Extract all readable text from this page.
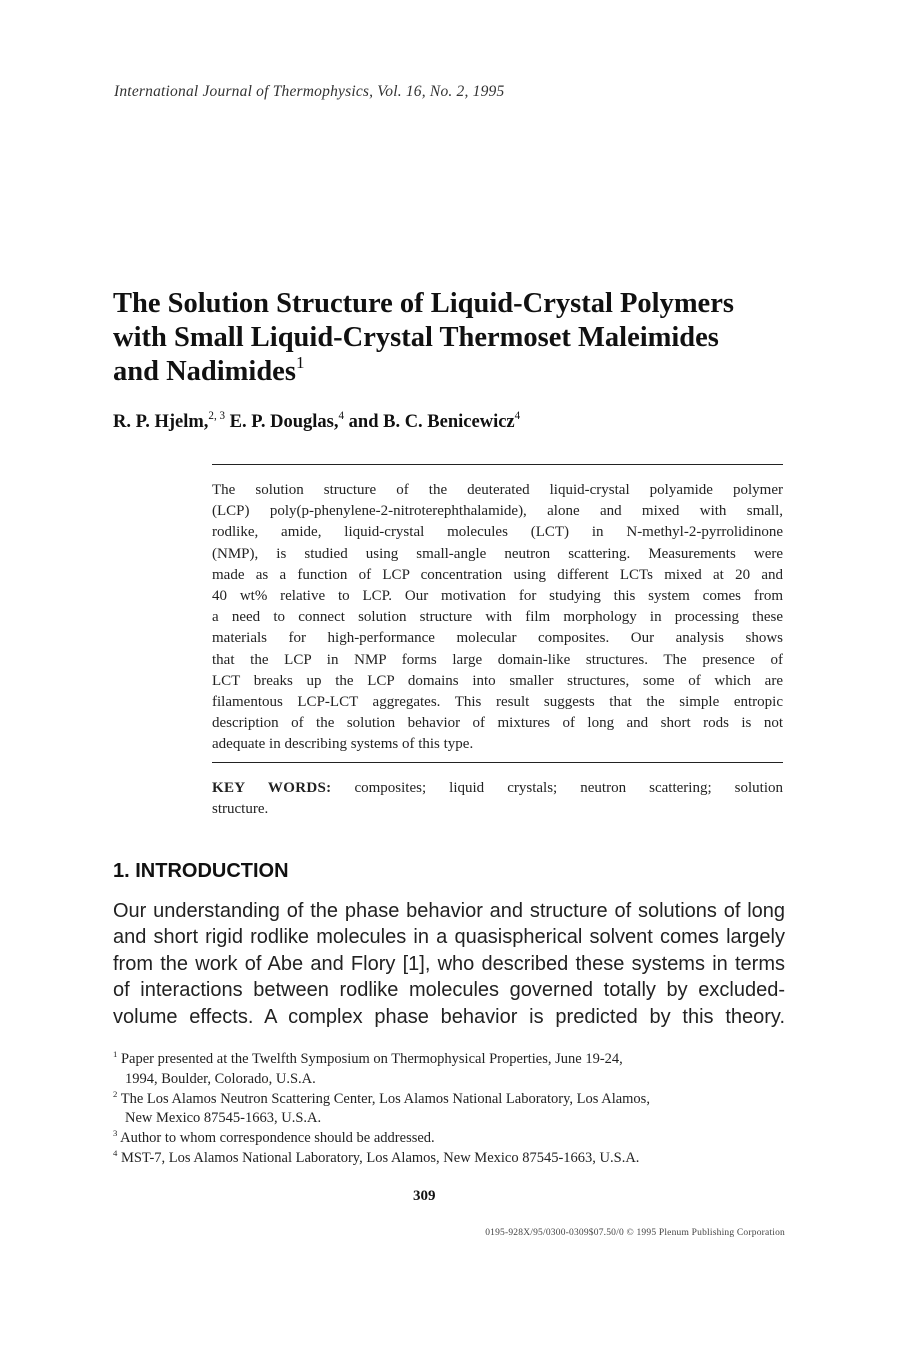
International Journal of Thermophysics, Vol. 16, No. 2, 1995
The Solution Structure of Liquid-Crystal Polymers
with Small Liquid-Crystal Thermoset Maleimides
and Nadimides$^1$
R. P. Hjelm,$^{2, 3}$ E. P. Douglas,$^4$ and B. C. Benicewicz$^4$
The solution structure of the deuterated liquid-crystal polyamide polymer
(LCP) poly(p-phenylene-2-nitroterephthalamide), alone and mixed with small,
rodlike, amide, liquid-crystal molecules (LCT) in N-methyl-2-pyrrolidinone
(NMP), is studied using small-angle neutron scattering. Measurements were
made as a function of LCP concentration using different LCTs mixed at 20 and
40 wt% relative to LCP. Our motivation for studying this system comes from
a need to connect solution structure with film morphology in processing these
materials for high-performance molecular composites. Our analysis shows
that the LCP in NMP forms large domain-like structures. The presence of
LCT breaks up the LCP domains into smaller structures, some of which are
filamentous LCP-LCT aggregates. This result suggests that the simple entropic
description of the solution behavior of mixtures of long and short rods is not
adequate in describing systems of this type.
KEY WORDS: composites; liquid crystals; neutron scattering; solution
structure.
1. INTRODUCTION
Our understanding of the phase behavior and structure of solutions of long
and short rigid rodlike molecules in a quasispherical solvent comes largely
from the work of Abe and Flory [1], who described these systems in terms
of interactions between rodlike molecules governed totally by excluded-
volume effects. A complex phase behavior is predicted by this theory.
$^1$ Paper presented at the Twelfth Symposium on Thermophysical Properties, June 19-24,
1994, Boulder, Colorado, U.S.A.
$^2$ The Los Alamos Neutron Scattering Center, Los Alamos National Laboratory, Los Alamos,
New Mexico 87545-1663, U.S.A.
$^3$ Author to whom correspondence should be addressed.
$^4$ MST-7, Los Alamos National Laboratory, Los Alamos, New Mexico 87545-1663, U.S.A.
309
0195-928X/95/0300-0309$07.50/0 © 1995 Plenum Publishing Corporation
